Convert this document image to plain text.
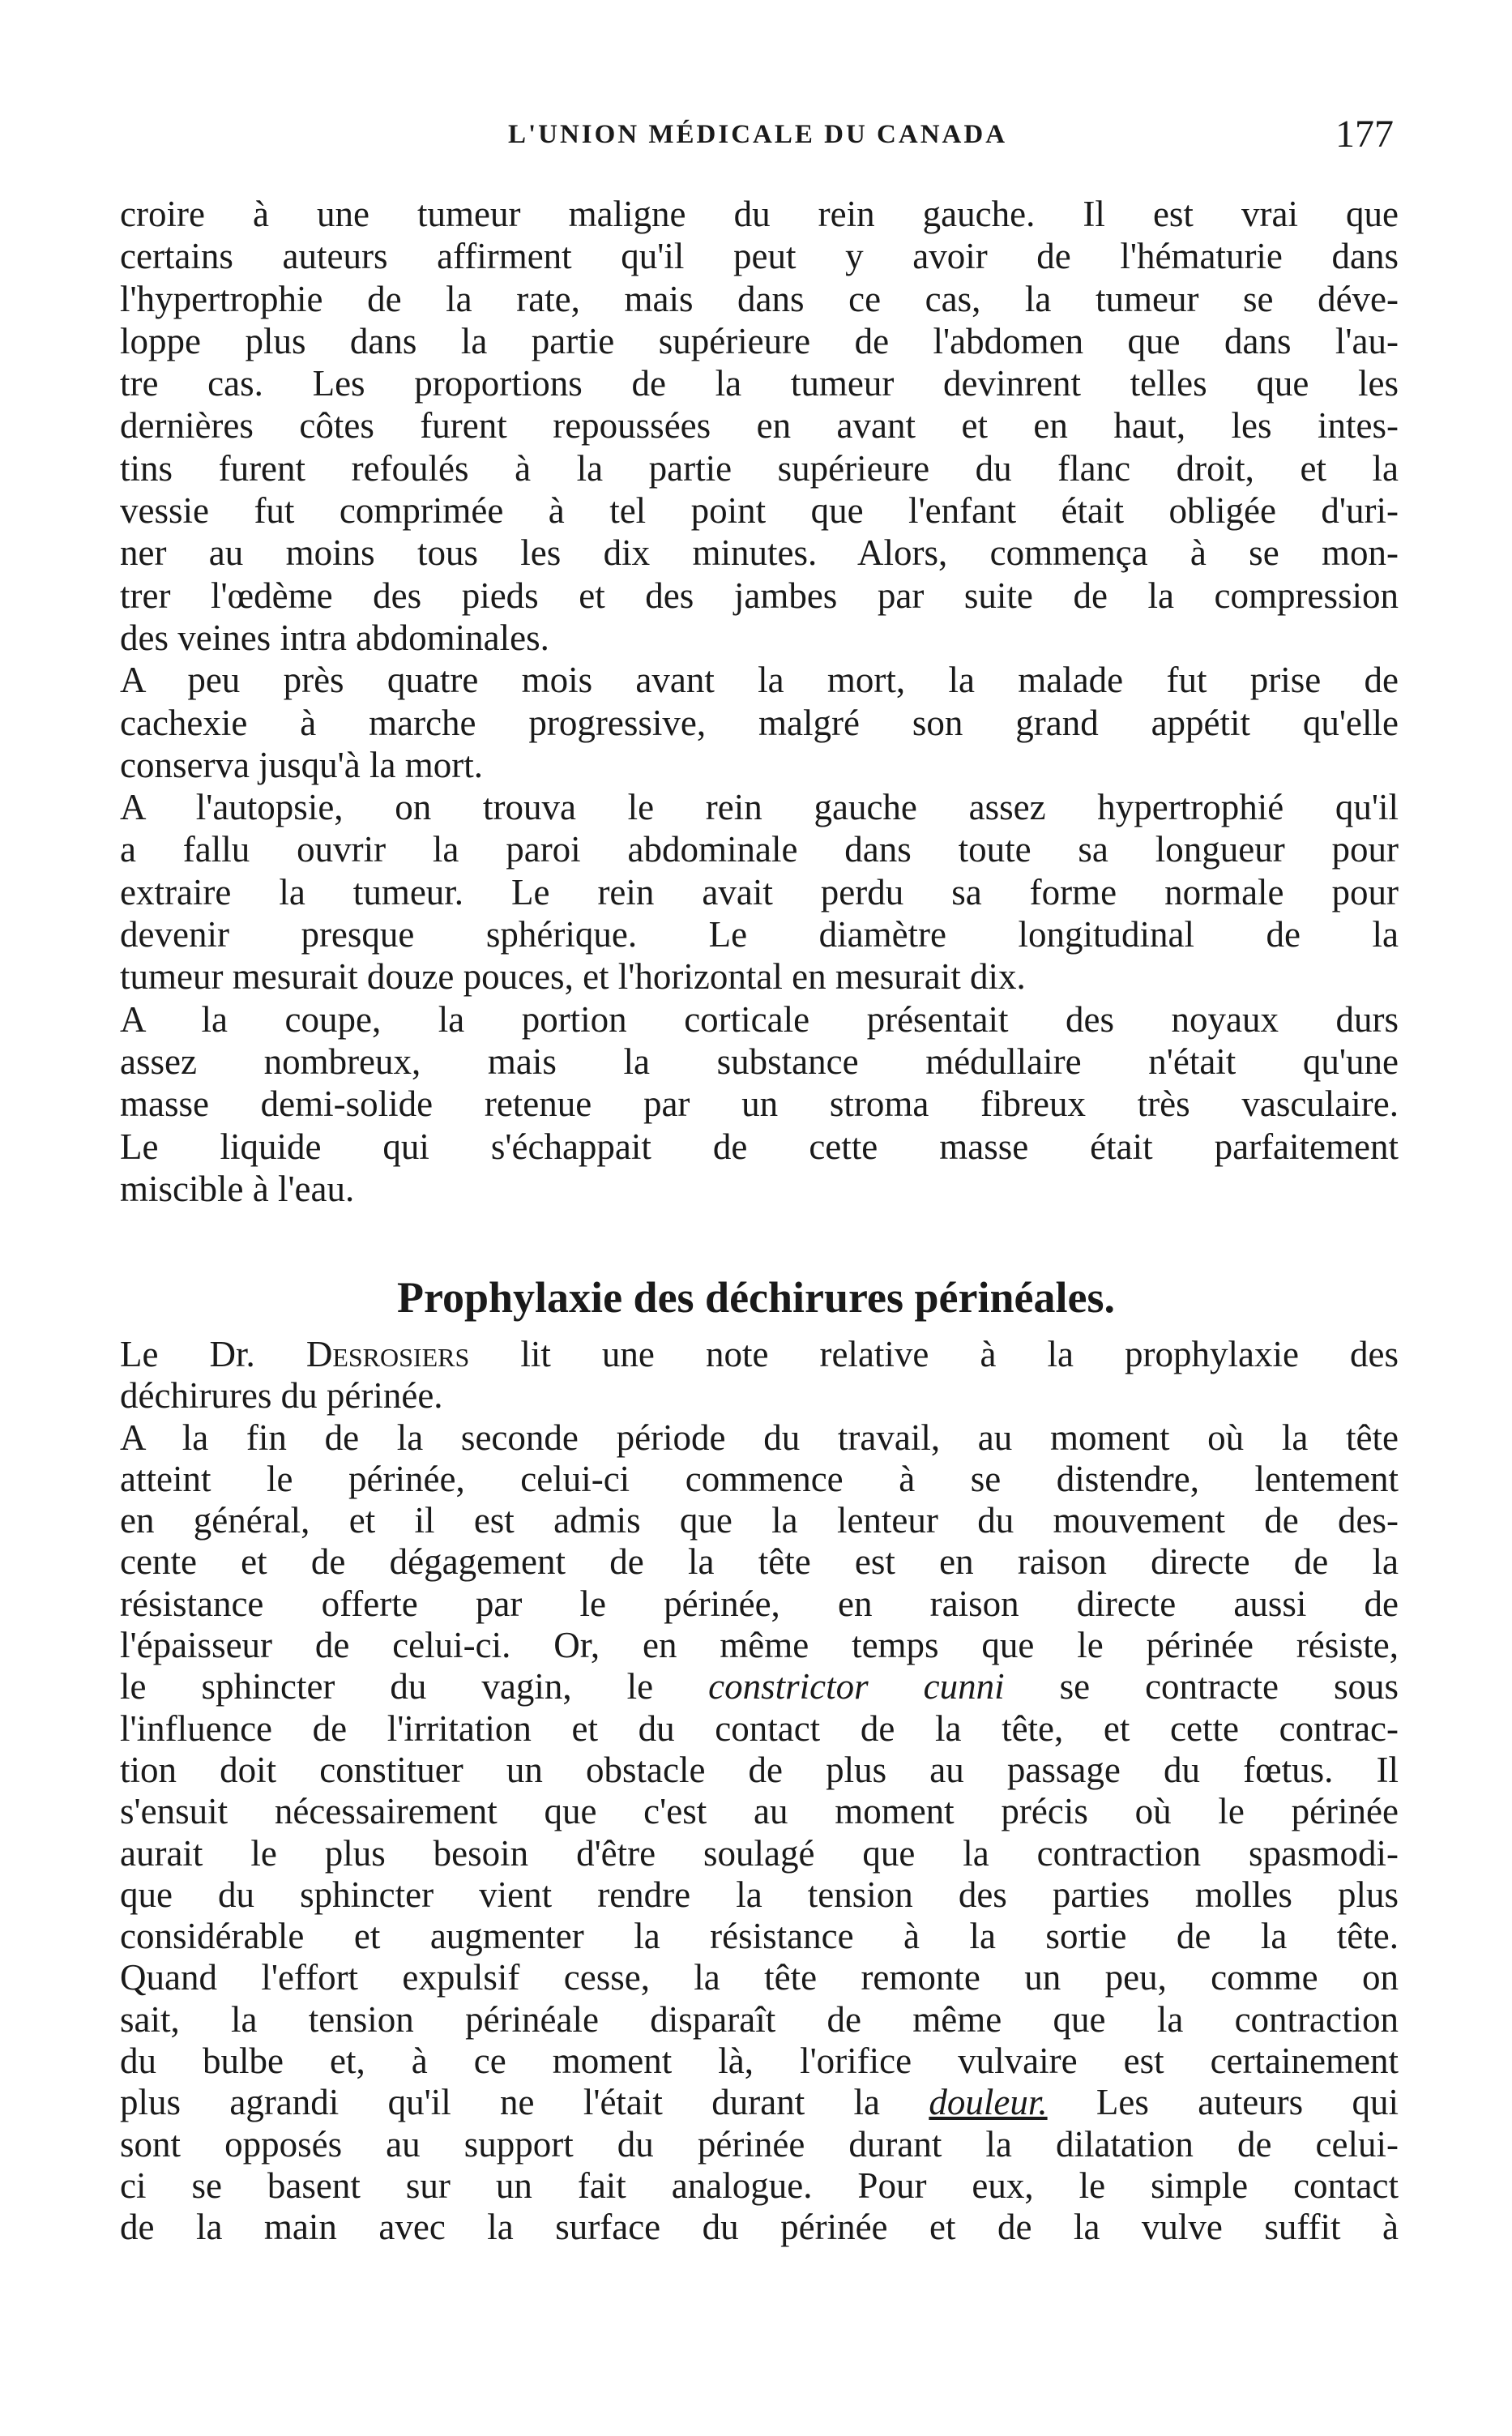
L'UNION MÉDICALE DU CANADA	177
croire à une tumeur maligne du rein gauche. Il est vrai que
certains auteurs affirment qu'il peut y avoir de l'hématurie dans
l'hypertrophie de la rate, mais dans ce cas, la tumeur se déve-
loppe plus dans la partie supérieure de l'abdomen que dans l'au-
tre cas. Les proportions de la tumeur devinrent telles que les
dernières côtes furent repoussées en avant et en haut, les intes-
tins furent refoulés à la partie supérieure du flanc droit, et la
vessie fut comprimée à tel point que l'enfant était obligée d'uri-
ner au moins tous les dix minutes. Alors, commença à se mon-
trer l'œdème des pieds et des jambes par suite de la compression
des veines intra abdominales.
A peu près quatre mois avant la mort, la malade fut prise de
cachexie à marche progressive, malgré son grand appétit qu'elle
conserva jusqu'à la mort.
A l'autopsie, on trouva le rein gauche assez hypertrophié qu'il
a fallu ouvrir la paroi abdominale dans toute sa longueur pour
extraire la tumeur. Le rein avait perdu sa forme normale pour
devenir presque sphérique. Le diamètre longitudinal de la
tumeur mesurait douze pouces, et l'horizontal en mesurait dix.
A la coupe, la portion corticale présentait des noyaux durs
assez nombreux, mais la substance médullaire n'était qu'une
masse demi-solide retenue par un stroma fibreux très vasculaire.
Le liquide qui s'échappait de cette masse était parfaitement
miscible à l'eau.
Prophylaxie des déchirures périnéales.
Le Dr. Desrosiers lit une note relative à la prophylaxie des
déchirures du périnée.
A la fin de la seconde période du travail, au moment où la tête
atteint le périnée, celui-ci commence à se distendre, lentement
en général, et il est admis que la lenteur du mouvement de des-
cente et de dégagement de la tête est en raison directe de la
résistance offerte par le périnée, en raison directe aussi de
l'épaisseur de celui-ci. Or, en même temps que le périnée résiste,
le sphincter du vagin, le constrictor cunni se contracte sous
l'influence de l'irritation et du contact de la tête, et cette contrac-
tion doit constituer un obstacle de plus au passage du fœtus. Il
s'ensuit nécessairement que c'est au moment précis où le périnée
aurait le plus besoin d'être soulagé que la contraction spasmodi-
que du sphincter vient rendre la tension des parties molles plus
considérable et augmenter la résistance à la sortie de la tête.
Quand l'effort expulsif cesse, la tête remonte un peu, comme on
sait, la tension périnéale disparaît de même que la contraction
du bulbe et, à ce moment là, l'orifice vulvaire est certainement
plus agrandi qu'il ne l'était durant la douleur. Les auteurs qui
sont opposés au support du périnée durant la dilatation de celui-
ci se basent sur un fait analogue. Pour eux, le simple contact
de la main avec la surface du périnée et de la vulve suffit à
